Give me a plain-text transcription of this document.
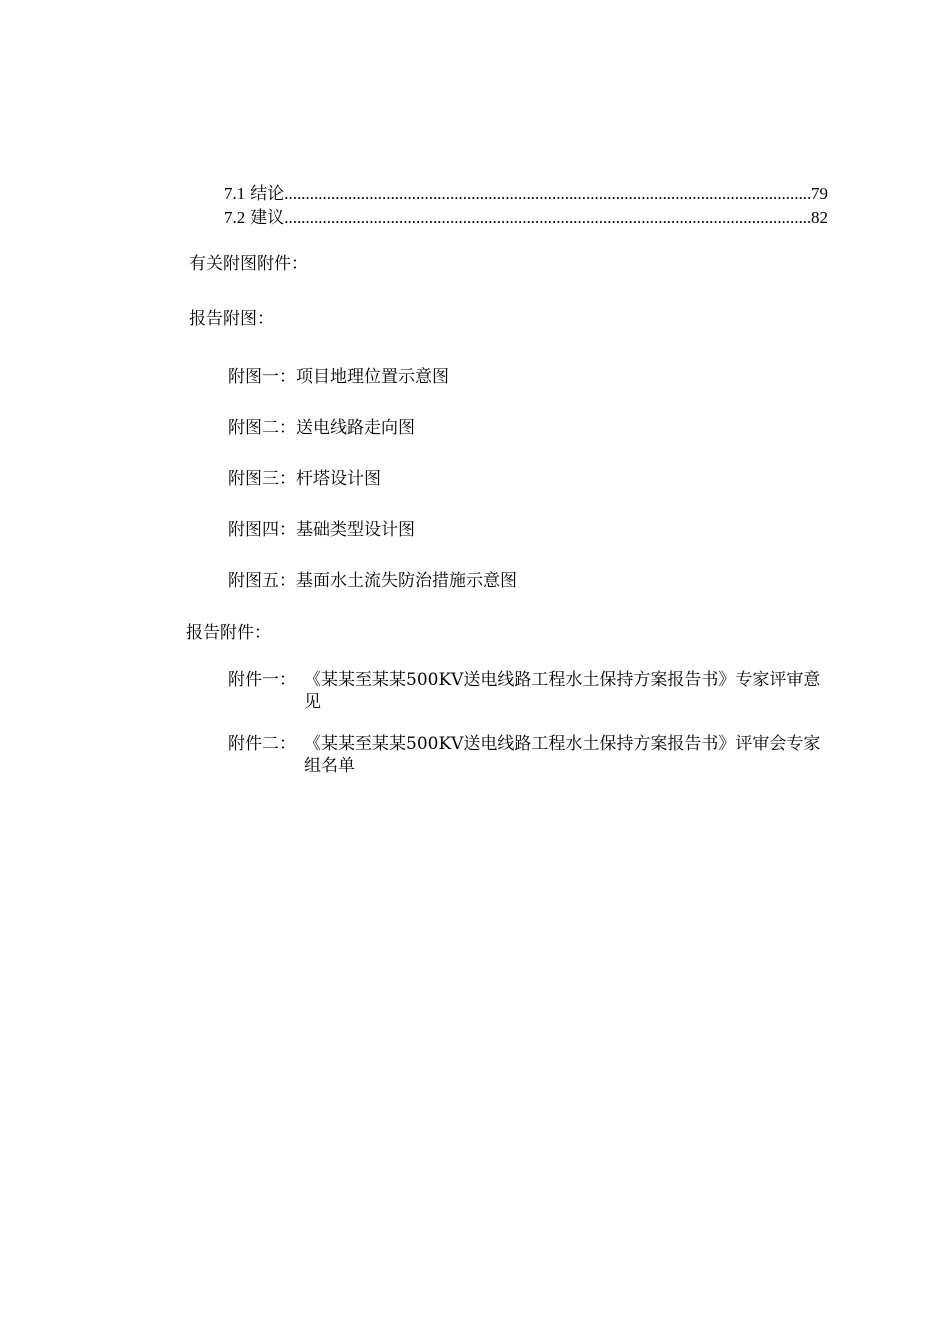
7.1 结论 .....	79
7.2 建议 .....	82
有关附图附件：
报告附图：
附图一：项目地理位置示意图
附图二：送电线路走向图
附图三：杆塔设计图
附图四：基础类型设计图
附图五：基面水土流失防治措施示意图
报告附件：
附件一： 《某某至某某500KV送电线路工程水土保持方案报告书》专家评审意见
附件二： 《某某至某某500KV送电线路工程水土保持方案报告书》评审会专家组名单
